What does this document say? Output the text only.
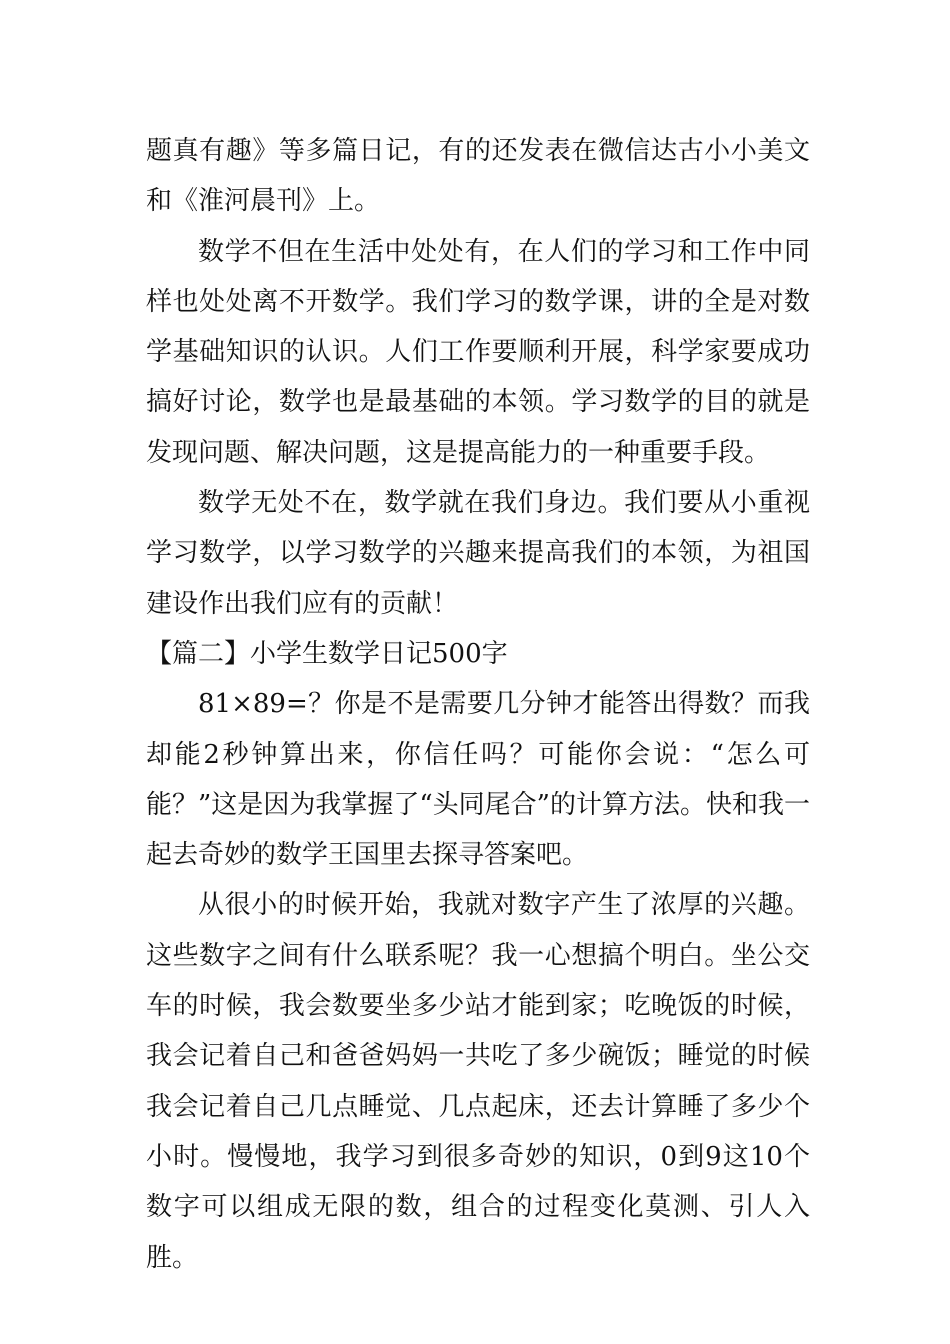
题真有趣》等多篇日记，有的还发表在微信达古小小美文和《淮河晨刊》上。

数学不但在生活中处处有，在人们的学习和工作中同样也处处离不开数学。我们学习的数学课，讲的全是对数学基础知识的认识。人们工作要顺利开展，科学家要成功搞好讨论，数学也是最基础的本领。学习数学的目的就是发现问题、解决问题，这是提高能力的一种重要手段。

数学无处不在，数学就在我们身边。我们要从小重视学习数学，以学习数学的兴趣来提高我们的本领，为祖国建设作出我们应有的贡献！

【篇二】小学生数学日记500字

81×89=？你是不是需要几分钟才能答出得数？而我却能2秒钟算出来，你信任吗？可能你会说：“怎么可能？”这是因为我掌握了“头同尾合”的计算方法。快和我一起去奇妙的数学王国里去探寻答案吧。

从很小的时候开始，我就对数字产生了浓厚的兴趣。这些数字之间有什么联系呢？我一心想搞个明白。坐公交车的时候，我会数要坐多少站才能到家；吃晚饭的时候，我会记着自己和爸爸妈妈一共吃了多少碗饭；睡觉的时候我会记着自己几点睡觉、几点起床，还去计算睡了多少个小时。慢慢地，我学习到很多奇妙的知识，0到9这10个数字可以组成无限的数，组合的过程变化莫测、引人入胜。
